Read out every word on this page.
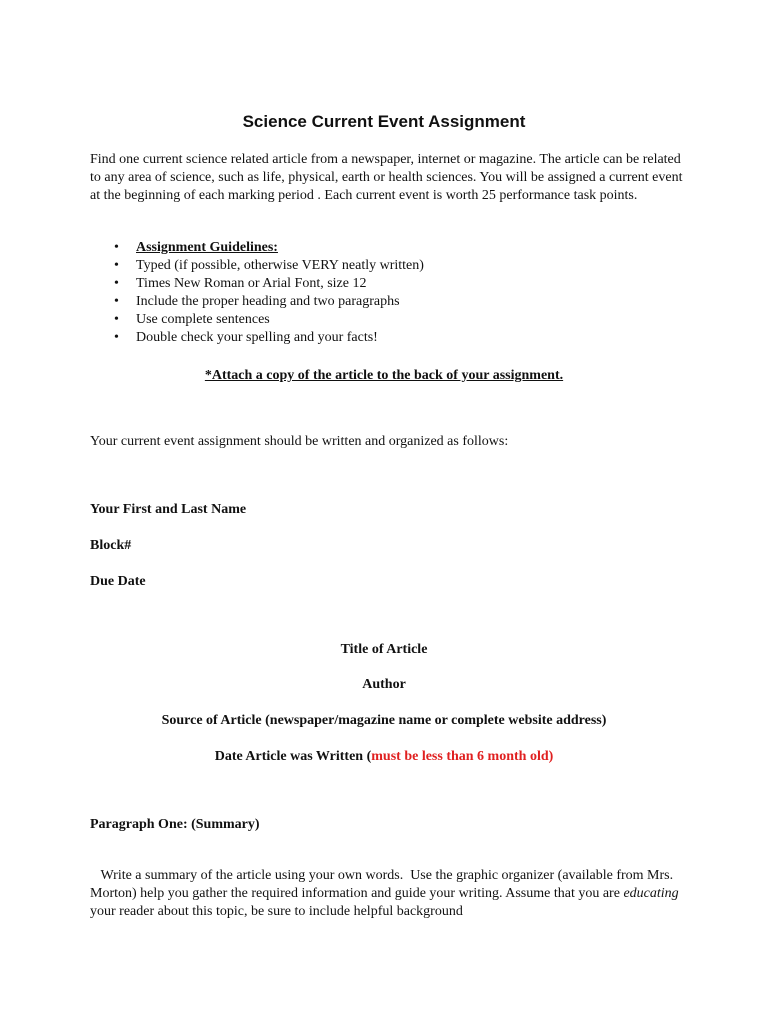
Science Current Event Assignment

Find one current science related article from a newspaper, internet or magazine. The article can be related to any area of science, such as life, physical, earth or health sciences. You will be assigned a current event at the beginning of each marking period . Each current event is worth 25 performance task points.

• Assignment Guidelines:
• Typed (if possible, otherwise VERY neatly written)
• Times New Roman or Arial Font, size 12
• Include the proper heading and two paragraphs
• Use complete sentences
• Double check your spelling and your facts!

*Attach a copy of the article to the back of your assignment.

Your current event assignment should be written and organized as follows:

Your First and Last Name

Block#

Due Date

Title of Article

Author

Source of Article (newspaper/magazine name or complete website address)

Date Article was Written (must be less than 6 month old)

Paragraph One: (Summary)

Write a summary of the article using your own words.  Use the graphic organizer (available from Mrs. Morton) help you gather the required information and guide your writing. Assume that you are educating your reader about this topic, be sure to include helpful background
